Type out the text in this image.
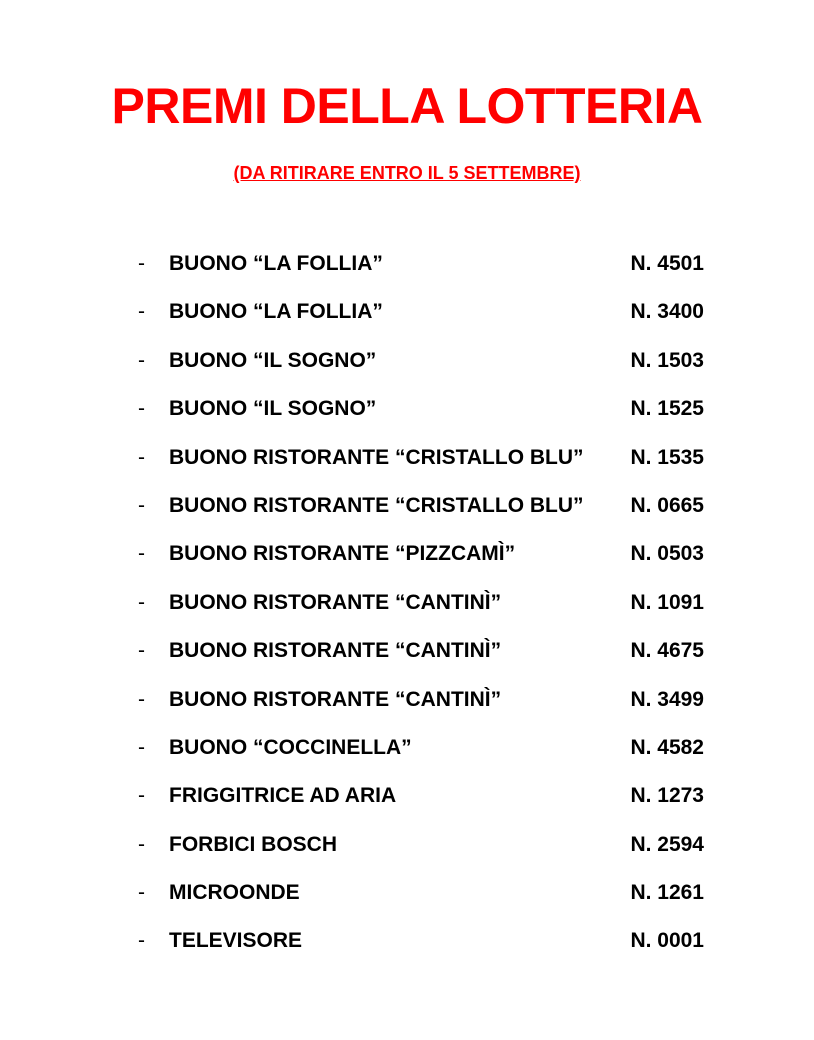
PREMI DELLA LOTTERIA

(DA RITIRARE ENTRO IL 5 SETTEMBRE)

- BUONO “LA FOLLIA”	N. 4501
- BUONO “LA FOLLIA”	N. 3400
- BUONO “IL SOGNO”	N. 1503
- BUONO “IL SOGNO”	N. 1525
- BUONO RISTORANTE “CRISTALLO BLU” N. 1535
- BUONO RISTORANTE “CRISTALLO BLU” N. 0665
- BUONO RISTORANTE “PIZZCAMÌ”	N. 0503
- BUONO RISTORANTE “CANTINÌ”	N. 1091
- BUONO RISTORANTE “CANTINÌ”	N. 4675
- BUONO RISTORANTE “CANTINÌ”	N. 3499
- BUONO “COCCINELLA”	N. 4582
- FRIGGITRICE AD ARIA	N. 1273
- FORBICI BOSCH	N. 2594
- MICROONDE	N. 1261
- TELEVISORE	N. 0001
